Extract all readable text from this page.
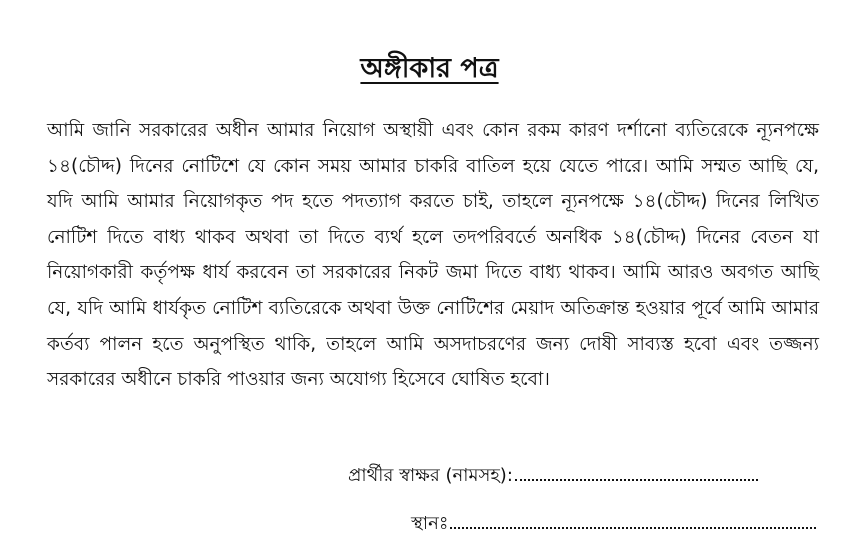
অঙ্গীকার পত্র

আমি জানি সরকারের অধীন আমার নিয়োগ অস্থায়ী এবং কোন রকম কারণ দর্শানো ব্যতিরেকে ন্যূনপক্ষে ১৪(চৌদ্দ) দিনের নোটিশে যে কোন সময় আমার চাকরি বাতিল হয়ে যেতে পারে। আমি সম্মত আছি যে, যদি আমি আমার নিয়োগকৃত পদ হতে পদত্যাগ করতে চাই, তাহলে ন্যূনপক্ষে ১৪(চৌদ্দ) দিনের লিখিত নোটিশ দিতে বাধ্য থাকব অথবা তা দিতে ব্যর্থ হলে তদপরিবর্তে অনধিক ১৪(চৌদ্দ) দিনের বেতন যা নিয়োগকারী কর্তৃপক্ষ ধার্য করবেন তা সরকারের নিকট জমা দিতে বাধ্য থাকব। আমি আরও অবগত আছি যে, যদি আমি ধার্যকৃত নোটিশ ব্যতিরেকে অথবা উক্ত নোটিশের মেয়াদ অতিক্রান্ত হওয়ার পূর্বে আমি আমার কর্তব্য পালন হতে অনুপস্থিত থাকি, তাহলে আমি অসদাচরণের জন্য দোষী সাব্যস্ত হবো এবং তজ্জন্য সরকারের অধীনে চাকরি পাওয়ার জন্য অযোগ্য হিসেবে ঘোষিত হবো।

প্রার্থীর স্বাক্ষর (নামসহ):
স্থানঃ
